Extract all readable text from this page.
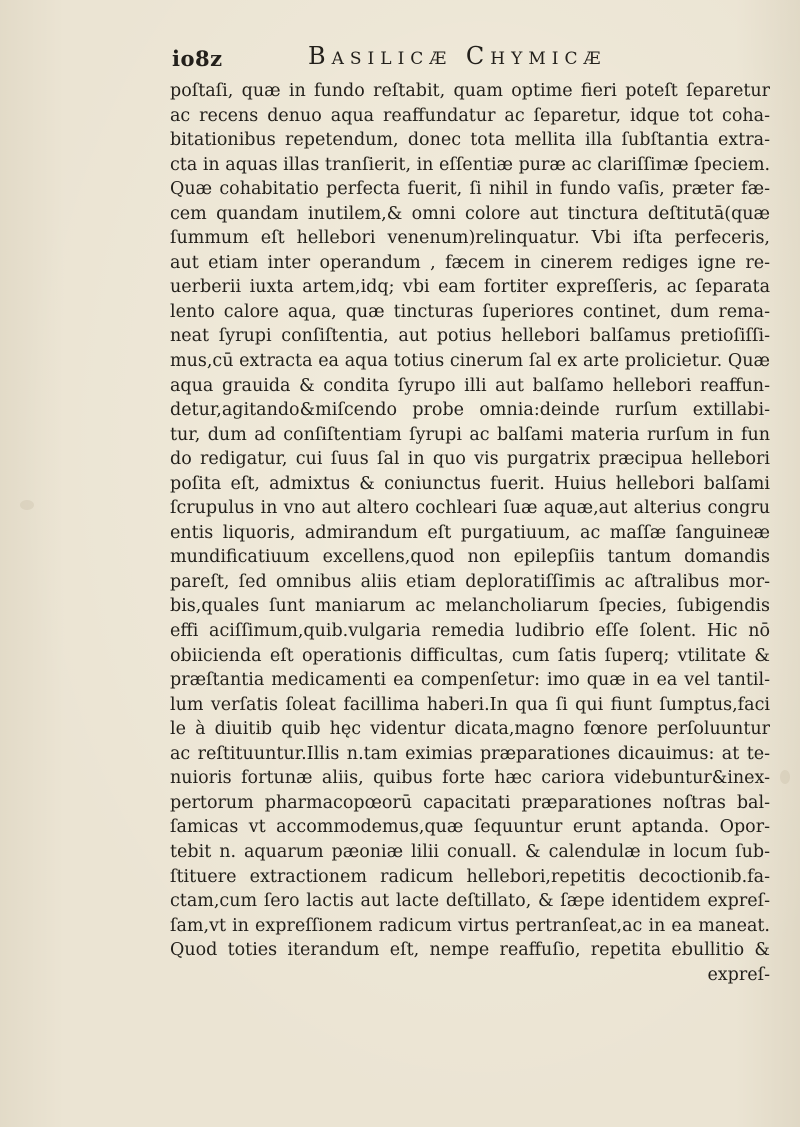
io8z	Basilicæ Chymicæ
poſtaſi, quæ in fundo reſtabit, quam optime fieri poteſt ſeparetur
ac recens denuo aqua reaffundatur ac ſeparetur, idque tot coha-
bitationibus repetendum, donec tota mellita illa ſubſtantia extra-
cta in aquas illas tranſierit, in eſſentiæ puræ ac clariſſimæ ſpeciem.
Quæ cohabitatio perfecta fuerit, ſi nihil in fundo vaſis, præter fæ-
cem quandam inutilem,& omni colore aut tinctura deſtitutā(quæ
ſummum eſt hellebori venenum)relinquatur. Vbi iſta perfeceris,
aut etiam inter operandum , fæcem in cinerem rediges igne re-
uerberii iuxta artem,idq; vbi eam fortiter expreſſeris, ac ſeparata
lento calore aqua, quæ tincturas ſuperiores continet, dum rema-
neat ſyrupi conſiſtentia, aut potius hellebori balſamus pretioſiſſi-
mus,cū extracta ea aqua totius cinerum ſal ex arte prolicietur. Quæ
aqua grauida & condita ſyrupo illi aut balſamo hellebori reaffun-
detur,agitando&miſcendo probe omnia:deinde rurſum extillabi-
tur, dum ad conſiſtentiam ſyrupi ac balſami materia rurſum in fun
do redigatur, cui ſuus ſal in quo vis purgatrix præcipua hellebori
poſita eſt, admixtus & coniunctus fuerit. Huius hellebori balſami
ſcrupulus in vno aut altero cochleari ſuæ aquæ,aut alterius congru
entis liquoris, admirandum eſt purgatiuum, ac maſſæ ſanguineæ
mundificatiuum excellens,quod non epilepſiis tantum domandis
pareſt, ſed omnibus aliis etiam deploratiſſimis ac aſtralibus mor-
bis,quales ſunt maniarum ac melancholiarum ſpecies, ſubigendis
effi aciſſimum,quib.vulgaria remedia ludibrio eſſe ſolent. Hic nō
obiicienda eſt operationis difficultas, cum ſatis ſuperq; vtilitate &
præſtantia medicamenti ea compenſetur: imo quæ in ea vel tantil-
lum verſatis ſoleat facillima haberi.In qua ſi qui fiunt ſumptus,faci
le à diuitib quib hęc videntur dicata,magno fœnore perſoluuntur
ac reſtituuntur.Illis n.tam eximias præparationes dicauimus: at te-
nuioris fortunæ aliis, quibus forte hæc cariora videbuntur&inex-
pertorum pharmacopœorū capacitati præparationes noſtras bal-
ſamicas vt accommodemus,quæ ſequuntur erunt aptanda. Opor-
tebit n. aquarum pæoniæ lilii conuall. & calendulæ in locum ſub-
ſtituere extractionem radicum hellebori,repetitis decoctionib.fa-
ctam,cum ſero lactis aut lacte deſtillato, & ſæpe identidem expreſ-
ſam,vt in expreſſionem radicum virtus pertranſeat,ac in ea maneat.
Quod toties iterandum eſt, nempe reaffuſio, repetita ebullitio &
expreſ-
